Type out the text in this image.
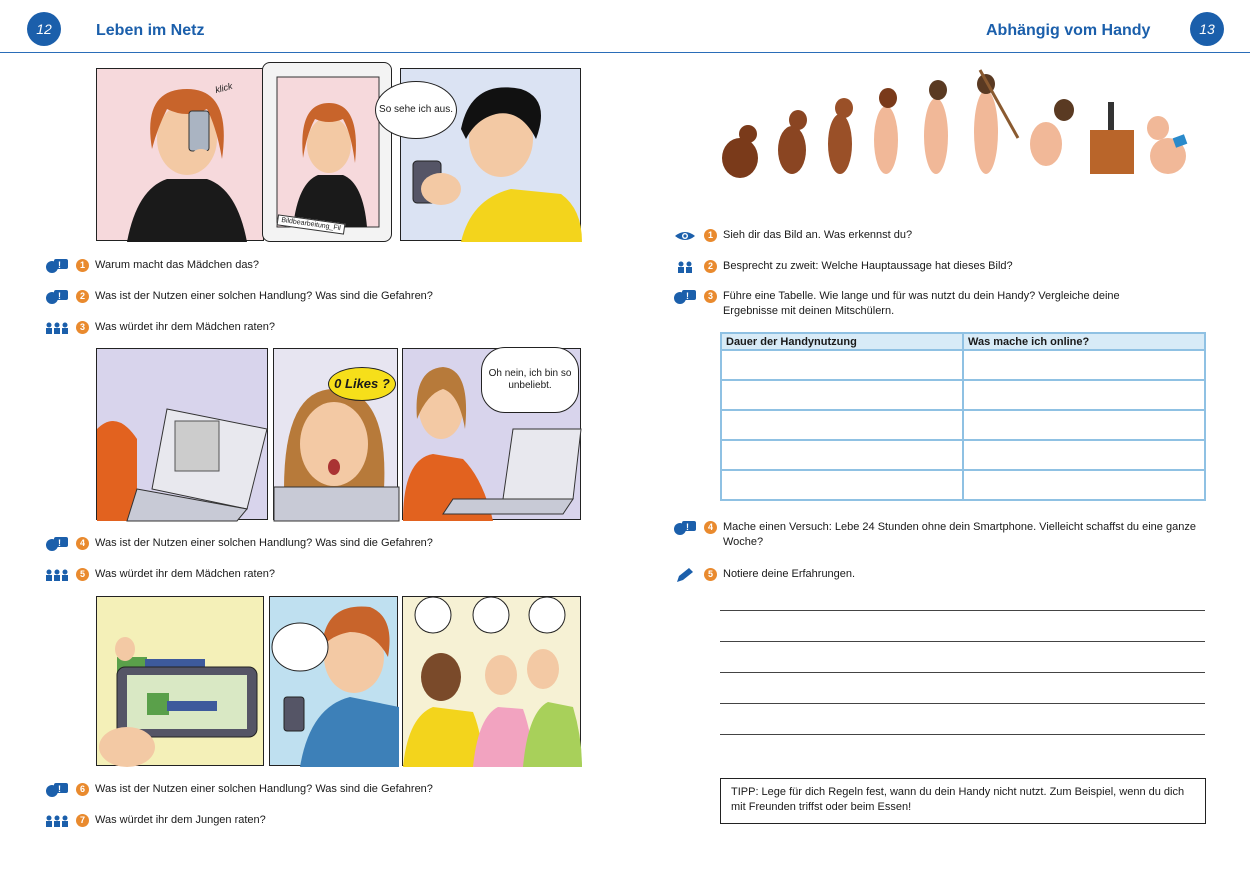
12	Leben im Netz	Abhängig vom Handy	13
klick
Bildbearbeitung_Fil
So sehe ich aus.
!	1 Warum macht das Mädchen das?
!	2 Was ist der Nutzen einer solchen Handlung? Was sind die Gefahren?
3 Was würdet ihr dem Mädchen raten?
0 Likes ?
Oh nein, ich bin so unbeliebt.
!	4 Was ist der Nutzen einer solchen Handlung? Was sind die Gefahren?
5 Was würdet ihr dem Mädchen raten?
!	6 Was ist der Nutzen einer solchen Handlung? Was sind die Gefahren?
7 Was würdet ihr dem Jungen raten?
1 Sieh dir das Bild an. Was erkennst du?
2 Besprecht zu zweit: Welche Hauptaussage hat dieses Bild?
!	3 Führe eine Tabelle. Wie lange und für was nutzt du dein Handy? Vergleiche deine Ergebnisse mit deinen Mitschülern.
Dauer der Handynutzung	Was mache ich online?

!	4 Mache einen Versuch: Lebe 24 Stunden ohne dein Smartphone. Vielleicht schaffst du eine ganze Woche?
5 Notiere deine Erfahrungen.
TIPP: Lege für dich Regeln fest, wann du dein Handy nicht nutzt. Zum Beispiel, wenn du dich mit Freunden triffst oder beim Essen!
